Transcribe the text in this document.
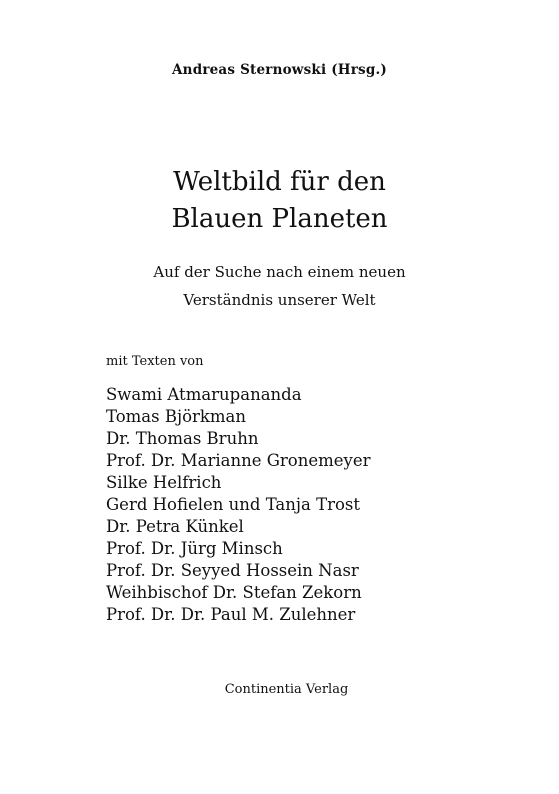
Andreas Sternowski (Hrsg.)
Weltbild für den
Blauen Planeten
Auf der Suche nach einem neuen
Verständnis unserer Welt
mit Texten von
Swami Atmarupananda
Tomas Björkman
Dr. Thomas Bruhn
Prof. Dr. Marianne Gronemeyer
Silke Helfrich
Gerd Hofielen und Tanja Trost
Dr. Petra Künkel
Prof. Dr. Jürg Minsch
Prof. Dr. Seyyed Hossein Nasr
Weihbischof Dr. Stefan Zekorn
Prof. Dr. Dr. Paul M. Zulehner
Continentia Verlag
